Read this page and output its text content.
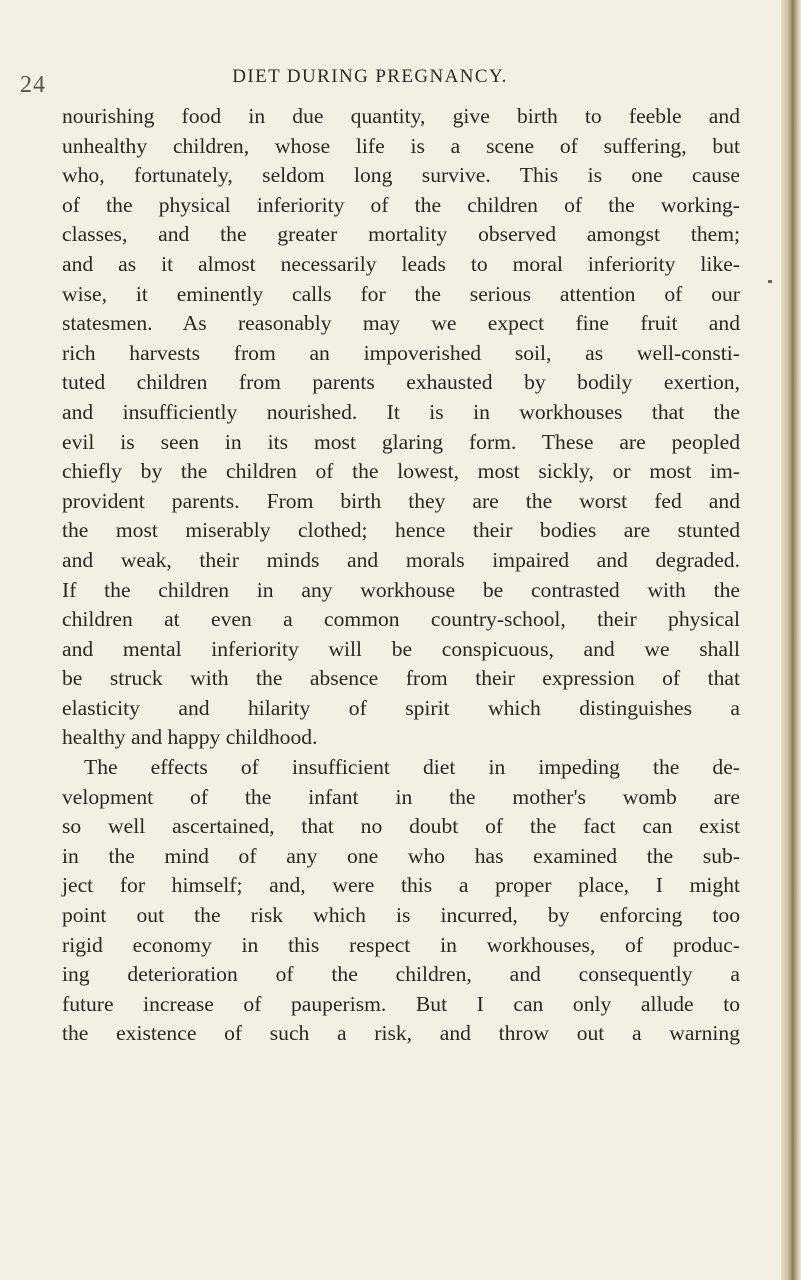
24	DIET DURING PREGNANCY.
nourishing food in due quantity, give birth to feeble and
unhealthy children, whose life is a scene of suffering, but
who, fortunately, seldom long survive. This is one cause
of the physical inferiority of the children of the working-
classes, and the greater mortality observed amongst them;
and as it almost necessarily leads to moral inferiority like-
wise, it eminently calls for the serious attention of our
statesmen. As reasonably may we expect fine fruit and
rich harvests from an impoverished soil, as well-consti-
tuted children from parents exhausted by bodily exertion,
and insufficiently nourished. It is in workhouses that the
evil is seen in its most glaring form. These are peopled
chiefly by the children of the lowest, most sickly, or most im-
provident parents. From birth they are the worst fed and
the most miserably clothed; hence their bodies are stunted
and weak, their minds and morals impaired and degraded.
If the children in any workhouse be contrasted with the
children at even a common country-school, their physical
and mental inferiority will be conspicuous, and we shall
be struck with the absence from their expression of that
elasticity and hilarity of spirit which distinguishes a
healthy and happy childhood.
The effects of insufficient diet in impeding the de-
velopment of the infant in the mother's womb are
so well ascertained, that no doubt of the fact can exist
in the mind of any one who has examined the sub-
ject for himself; and, were this a proper place, I might
point out the risk which is incurred, by enforcing too
rigid economy in this respect in workhouses, of produc-
ing deterioration of the children, and consequently a
future increase of pauperism. But I can only allude to
the existence of such a risk, and throw out a warning
